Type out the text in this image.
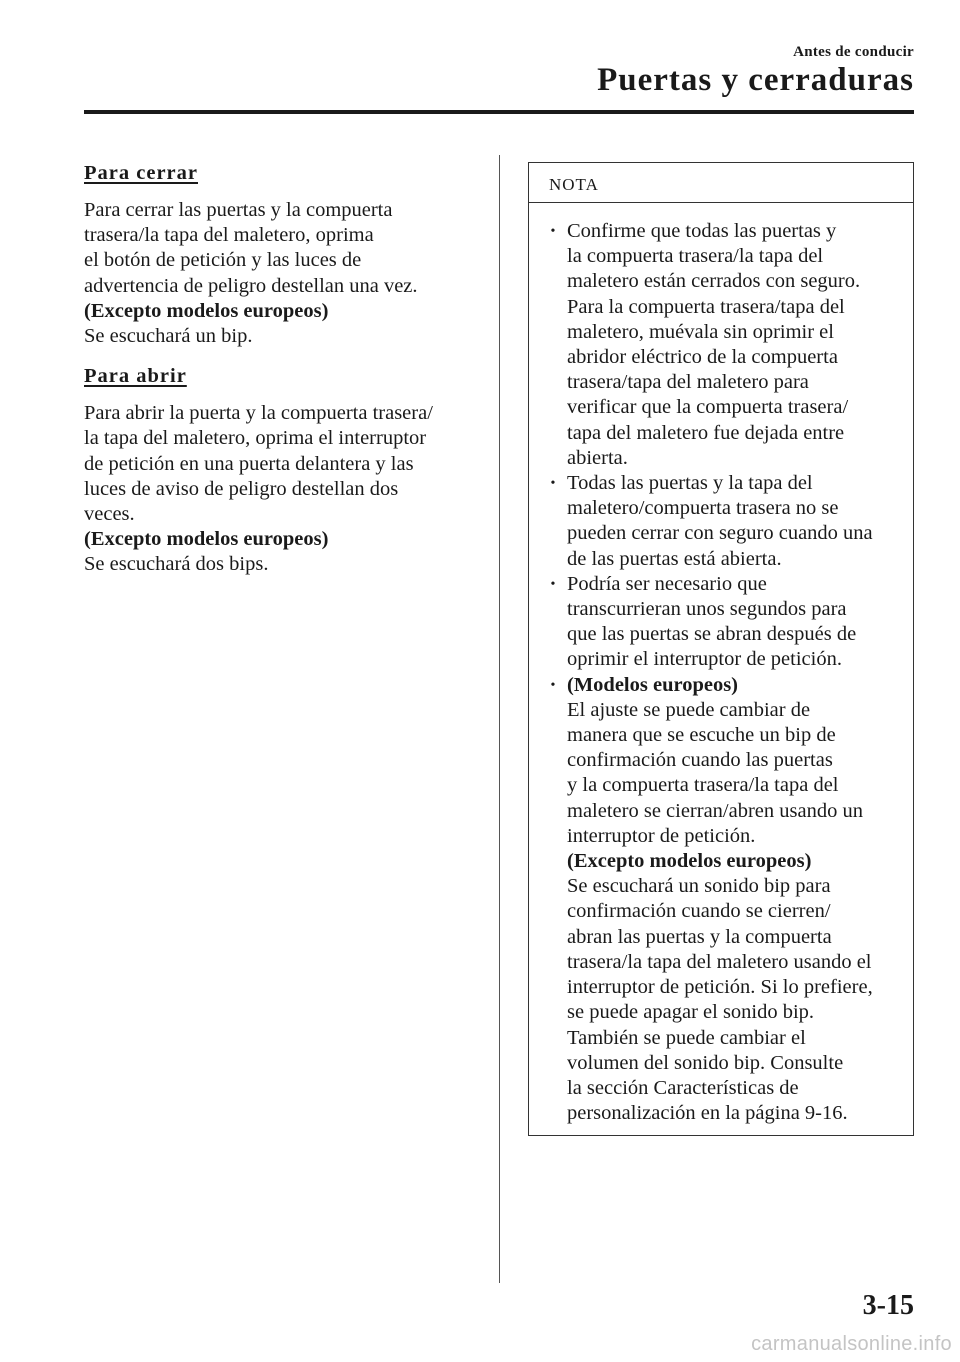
Antes de conducir
Puertas y cerraduras

Para cerrar

Para cerrar las puertas y la compuerta

trasera/la tapa del maletero, oprima

el botón de petición y las luces de

advertencia de peligro destellan una vez.

(Excepto modelos europeos)

Se escuchará un bip.

Para abrir

Para abrir la puerta y la compuerta trasera/

la tapa del maletero, oprima el interruptor

de petición en una puerta delantera y las

luces de aviso de peligro destellan dos

veces.

(Excepto modelos europeos)

Se escuchará dos bips.

NOTA
• Confirme que todas las puertas y
la compuerta trasera/la tapa del
maletero están cerrados con seguro.
Para la compuerta trasera/tapa del
maletero, muévala sin oprimir el
abridor eléctrico de la compuerta
trasera/tapa del maletero para
verificar que la compuerta trasera/
tapa del maletero fue dejada entre
abierta.
• Todas las puertas y la tapa del
maletero/compuerta trasera no se
pueden cerrar con seguro cuando una
de las puertas está abierta.
• Podría ser necesario que
transcurrieran unos segundos para
que las puertas se abran después de
oprimir el interruptor de petición.
• (Modelos europeos)
El ajuste se puede cambiar de
manera que se escuche un bip de
confirmación cuando las puertas
y la compuerta trasera/la tapa del
maletero se cierran/abren usando un
interruptor de petición.
(Excepto modelos europeos)
Se escuchará un sonido bip para
confirmación cuando se cierren/
abran las puertas y la compuerta
trasera/la tapa del maletero usando el
interruptor de petición. Si lo prefiere,
se puede apagar el sonido bip.
También se puede cambiar el
volumen del sonido bip. Consulte
la sección Características de
personalización en la página 9-16.
3-15
carmanualsonline.info
